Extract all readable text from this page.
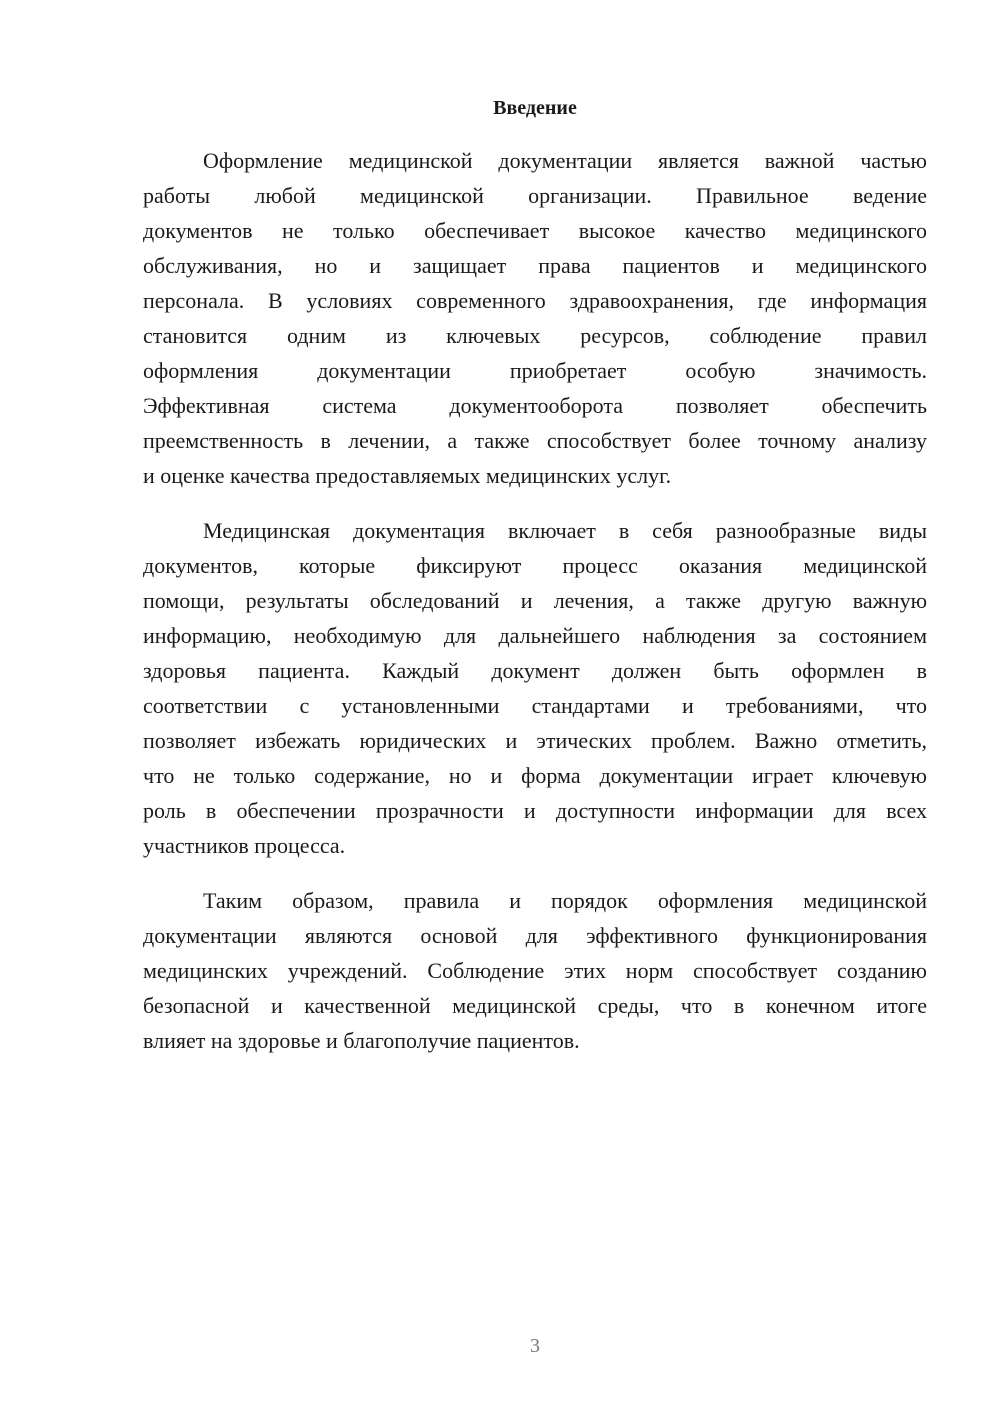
Введение
Оформление медицинской документации является важной частью
работы любой медицинской организации. Правильное ведение
документов не только обеспечивает высокое качество медицинского
обслуживания, но и защищает права пациентов и медицинского
персонала. В условиях современного здравоохранения, где информация
становится одним из ключевых ресурсов, соблюдение правил
оформления документации приобретает особую значимость.
Эффективная система документооборота позволяет обеспечить
преемственность в лечении, а также способствует более точному анализу
и оценке качества предоставляемых медицинских услуг.
Медицинская документация включает в себя разнообразные виды
документов, которые фиксируют процесс оказания медицинской
помощи, результаты обследований и лечения, а также другую важную
информацию, необходимую для дальнейшего наблюдения за состоянием
здоровья пациента. Каждый документ должен быть оформлен в
соответствии с установленными стандартами и требованиями, что
позволяет избежать юридических и этических проблем. Важно отметить,
что не только содержание, но и форма документации играет ключевую
роль в обеспечении прозрачности и доступности информации для всех
участников процесса.
Таким образом, правила и порядок оформления медицинской
документации являются основой для эффективного функционирования
медицинских учреждений. Соблюдение этих норм способствует созданию
безопасной и качественной медицинской среды, что в конечном итоге
влияет на здоровье и благополучие пациентов.
3
